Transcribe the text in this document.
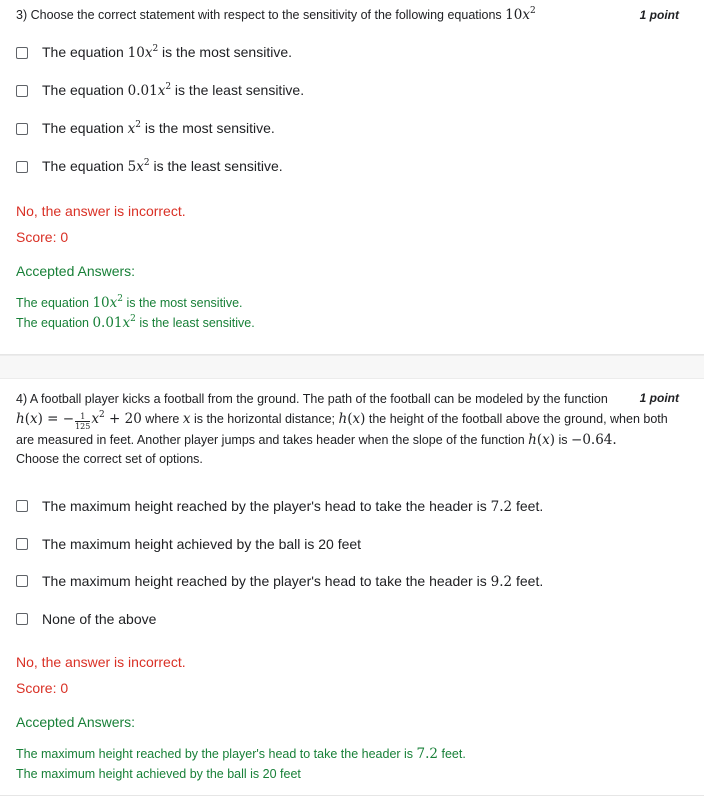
3) Choose the correct statement with respect to the sensitivity of the following equations $10x^2$	1 point
The equation $10x^2$ is the most sensitive.
The equation $0.01x^2$ is the least sensitive.
The equation $x^2$ is the most sensitive.
The equation $5x^2$ is the least sensitive.
No, the answer is incorrect.
Score: 0
Accepted Answers:
The equation $10x^2$ is the most sensitive.
The equation $0.01x^2$ is the least sensitive.
4) A football player kicks a football from the ground. The path of the football can be modeled by the function h(x) = − $\frac{1}{125} x^2 + 20$ where x is the horizontal distance; h(x) the height of the football above the ground, when both are measured in feet. Another player jumps and takes header when the slope of the function h(x) is −0.64.
Choose the correct set of options.
1 point
The maximum height reached by the player's head to take the header is 7.2 feet.
The maximum height achieved by the ball is 20 feet
The maximum height reached by the player's head to take the header is 9.2 feet.
None of the above
No, the answer is incorrect.
Score: 0
Accepted Answers:
The maximum height reached by the player's head to take the header is 7.2 feet.
The maximum height achieved by the ball is 20 feet
